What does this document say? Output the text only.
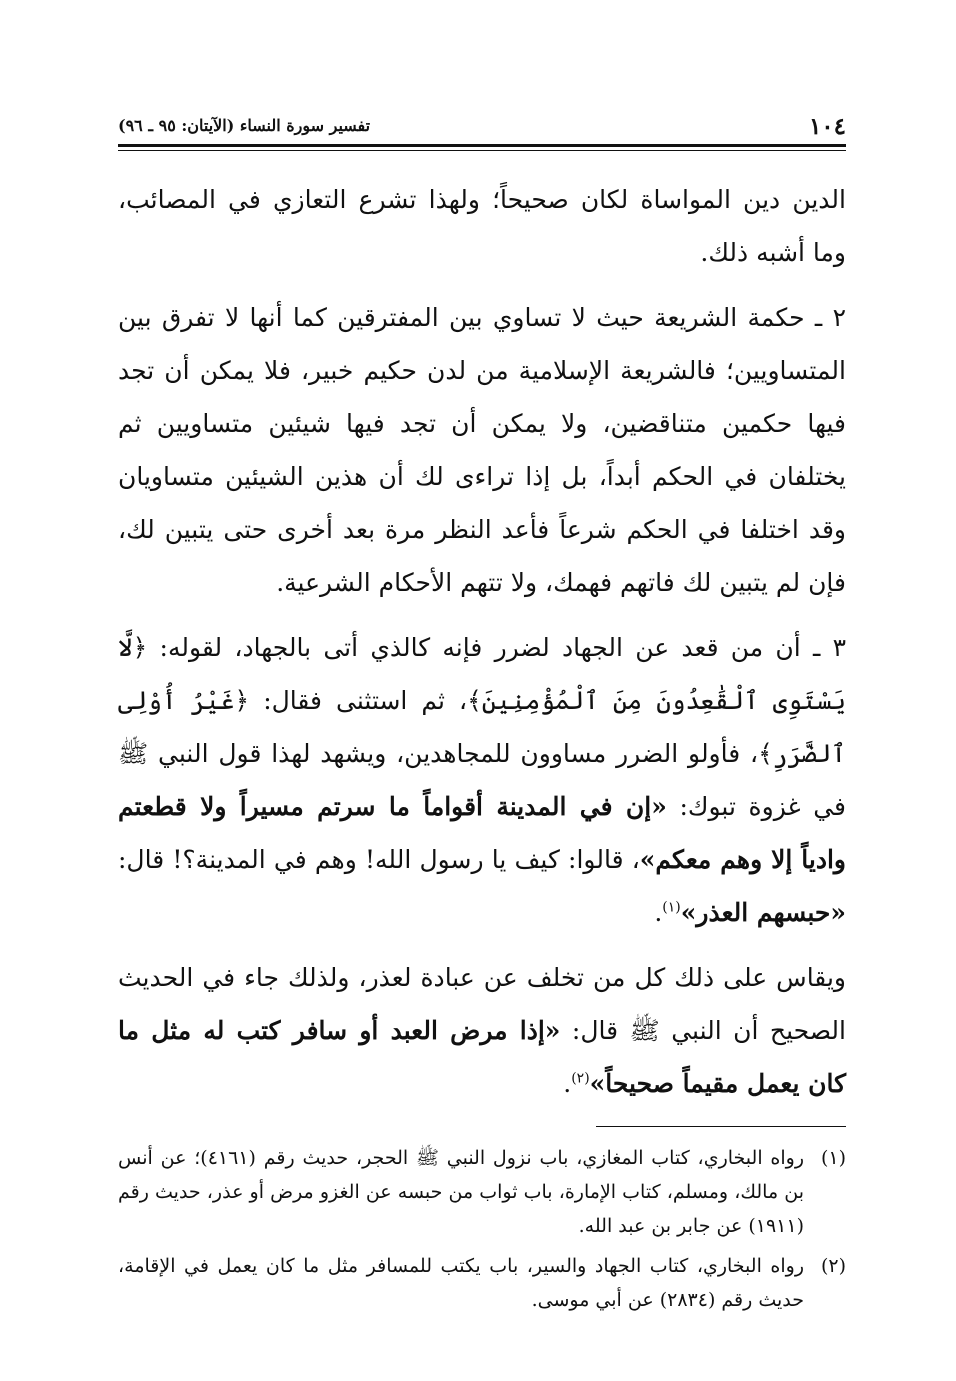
١٠٤
تفسير سورة النساء (الآيتان: ٩٥ ـ ٩٦)

الدين دين المواساة لكان صحيحاً؛ ولهذا تشرع التعازي في المصائب، وما أشبه ذلك.

٢ ـ حكمة الشريعة حيث لا تساوي بين المفترقين كما أنها لا تفرق بين المتساويين؛ فالشريعة الإسلامية من لدن حكيم خبير، فلا يمكن أن تجد فيها حكمين متناقضين، ولا يمكن أن تجد فيها شيئين متساويين ثم يختلفان في الحكم أبداً، بل إذا تراءى لك أن هذين الشيئين متساويان وقد اختلفا في الحكم شرعاً فأعد النظر مرة بعد أخرى حتى يتبين لك، فإن لم يتبين لك فاتهم فهمك، ولا تتهم الأحكام الشرعية.

٣ ـ أن من قعد عن الجهاد لضرر فإنه كالذي أتى بالجهاد، لقوله: ﴿لَّا يَسْتَوِى ٱلْقَٰعِدُونَ مِنَ ٱلْمُؤْمِنِينَ﴾، ثم استثنى فقال: ﴿غَيْرُ أُوْلِى ٱلضَّرَرِ﴾، فأولو الضرر مساوون للمجاهدين، ويشهد لهذا قول النبي ﷺ في غزوة تبوك: «إن في المدينة أقواماً ما سرتم مسيراً ولا قطعتم وادياً إلا وهم معكم»، قالوا: كيف يا رسول الله! وهم في المدينة؟! قال: «حبسهم العذر»$^{(١)}$.

ويقاس على ذلك كل من تخلف عن عبادة لعذر، ولذلك جاء في الحديث الصحيح أن النبي ﷺ قال: «إذا مرض العبد أو سافر كتب له مثل ما كان يعمل مقيماً صحيحاً»$^{(٢)}$.

(١)
رواه البخاري، كتاب المغازي، باب نزول النبي ﷺ الحجر، حديث رقم (٤١٦١)؛ عن أنس بن مالك، ومسلم، كتاب الإمارة، باب ثواب من حبسه عن الغزو مرض أو عذر، حديث رقم (١٩١١) عن جابر بن عبد الله.
(٢)
رواه البخاري، كتاب الجهاد والسير، باب يكتب للمسافر مثل ما كان يعمل في الإقامة، حديث رقم (٢٨٣٤) عن أبي موسى.
